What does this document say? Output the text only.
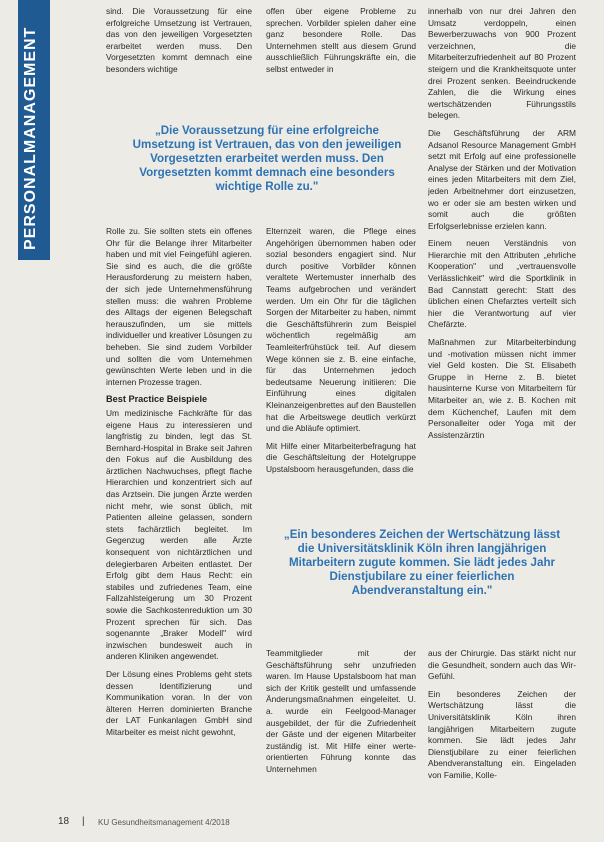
sind. Die Voraussetzung für eine erfolgreiche Umsetzung ist Vertrauen, das von den jeweiligen Vorgesetzten erarbeitet werden muss. Den Vorgesetzten kommt demnach eine besonders wichtige

offen über eigene Probleme zu sprechen. Vorbilder spielen daher eine ganz besondere Rolle. Das Unternehmen stellt aus diesem Grund ausschließlich Führungskräfte ein, die selbst entweder in

innerhalb von nur drei Jahren den Umsatz verdoppeln, einen Bewerberzuwachs von 900 Prozent verzeichnen, die Mitarbeiterzufriedenheit auf 80 Prozent steigern und die Krankheitsquote unter drei Prozent senken. Beeindruckende Zahlen, die die Wirkung eines wertschätzenden Führungsstils belegen.

Die Geschäftsführung der ARM Adsanol Resource Management GmbH setzt mit Erfolg auf eine professionelle Analyse der Stärken und der Motivation eines jeden Mitarbeiters mit dem Ziel, jeden Arbeitnehmer dort einzusetzen, wo er oder sie am besten wirken und somit auch die größten Erfolgserlebnisse erzielen kann.

Einem neuen Verständnis von Hierarchie mit den Attributen „ehrliche Kooperation" und „vertrauensvolle Verlässlichkeit" wird die Sportklinik in Bad Cannstatt gerecht: Statt des üblichen einen Chefarztes verteilt sich hier die Verantwortung auf vier Chefärzte.

Maßnahmen zur Mitarbeiterbindung und -motivation müssen nicht immer viel Geld kosten. Die St. Elisabeth Gruppe in Herne z. B. bietet hausinterne Kurse von Mitarbeitern für Mitarbeiter an, wie z. B. Kochen mit dem Küchenchef, Laufen mit dem Personalleiter oder Yoga mit der Assistenzärztin

„Die Voraussetzung für eine erfolgreiche Umsetzung ist Vertrauen, das von den jeweiligen Vorgesetzten erarbeitet werden muss. Den Vorgesetzten kommt demnach eine besonders wichtige Rolle zu."

Rolle zu. Sie sollten stets ein offenes Ohr für die Belange ihrer Mitarbeiter haben und mit viel Feingefühl agieren. Sie sind es auch, die die größte Herausforderung zu meistern haben, der sich jede Unternehmensführung stellen muss: die wahren Probleme des Alltags der eigenen Belegschaft herauszufinden, um sie mittels individueller und kreativer Lösungen zu beheben. Sie sind zudem Vorbilder und sollten die vom Unternehmen gewünschten Werte leben und in die internen Prozesse tragen.

Best Practice Beispiele

Um medizinische Fachkräfte für das eigene Haus zu interessieren und langfristig zu binden, legt das St. Bernhard-Hospital in Brake seit Jahren den Fokus auf die Ausbildung des ärztlichen Nachwuchses, pflegt flache Hierarchien und konzentriert sich auf das Arztsein. Die jungen Ärzte werden nicht mehr, wie sonst üblich, mit Patienten alleine gelassen, sondern stets fachärztlich begleitet. Im Gegenzug werden alle Ärzte konsequent von nichtärztlichen und delegierbaren Arbeiten entlastet. Der Erfolg gibt dem Haus Recht: ein stabiles und zufriedenes Team, eine Fallzahlsteigerung um 30 Prozent sowie die Sachkostenreduktion um 30 Prozent sprechen für sich. Das sogenannte „Braker Modell" wird inzwischen bundesweit auch in anderen Kliniken angewendet.

Der Lösung eines Problems geht stets dessen Identifizierung und Kommunikation voran. In der von älteren Herren dominierten Branche der LAT Funkanlagen GmbH sind Mitarbeiter es meist nicht gewohnt,

Elternzeit waren, die Pflege eines Angehörigen übernommen haben oder sozial besonders engagiert sind. Nur durch positive Vorbilder können veraltete Wertemuster innerhalb des Teams aufgebrochen und verändert werden. Um ein Ohr für die täglichen Sorgen der Mitarbeiter zu haben, nimmt die Geschäftsführerin zum Beispiel wöchentlich regelmäßig am Teamleiterfrühstück teil. Auf diesem Wege können sie z. B. eine einfache, für das Unternehmen jedoch bedeutsame Neuerung initiieren: Die Einführung eines digitalen Kleinanzeigenbrettes auf den Baustellen hat die Arbeitswege deutlich verkürzt und die Abläufe optimiert.

Mit Hilfe einer Mitarbeiterbefragung hat die Geschäftsleitung der Hotelgruppe Upstalsboom herausgefunden, dass die

„Ein besonderes Zeichen der Wertschätzung lässt die Universitätsklinik Köln ihren langjährigen Mitarbeitern zugute kommen. Sie lädt jedes Jahr Dienstjubilare zu einer feierlichen Abendveranstaltung ein."

Teammitglieder mit der Geschäftsführung sehr unzufrieden waren. Im Hause Upstalsboom hat man sich der Kritik gestellt und umfassende Änderungsmaßnahmen eingeleitet. U. a. wurde ein Feelgood-Manager ausgebildet, der für die Zufriedenheit der Gäste und der eigenen Mitarbeiter zuständig ist. Mit Hilfe einer werte-orientierten Führung konnte das Unternehmen

aus der Chirurgie. Das stärkt nicht nur die Gesundheit, sondern auch das Wir-Gefühl.

Ein besonderes Zeichen der Wertschätzung lässt die Universitätsklinik Köln ihren langjährigen Mitarbeitern zugute kommen. Sie lädt jedes Jahr Dienstjubilare zu einer feierlichen Abendveranstaltung ein. Eingeladen von Familie, Kolle-

18 | KU Gesundheitsmanagement 4/2018
